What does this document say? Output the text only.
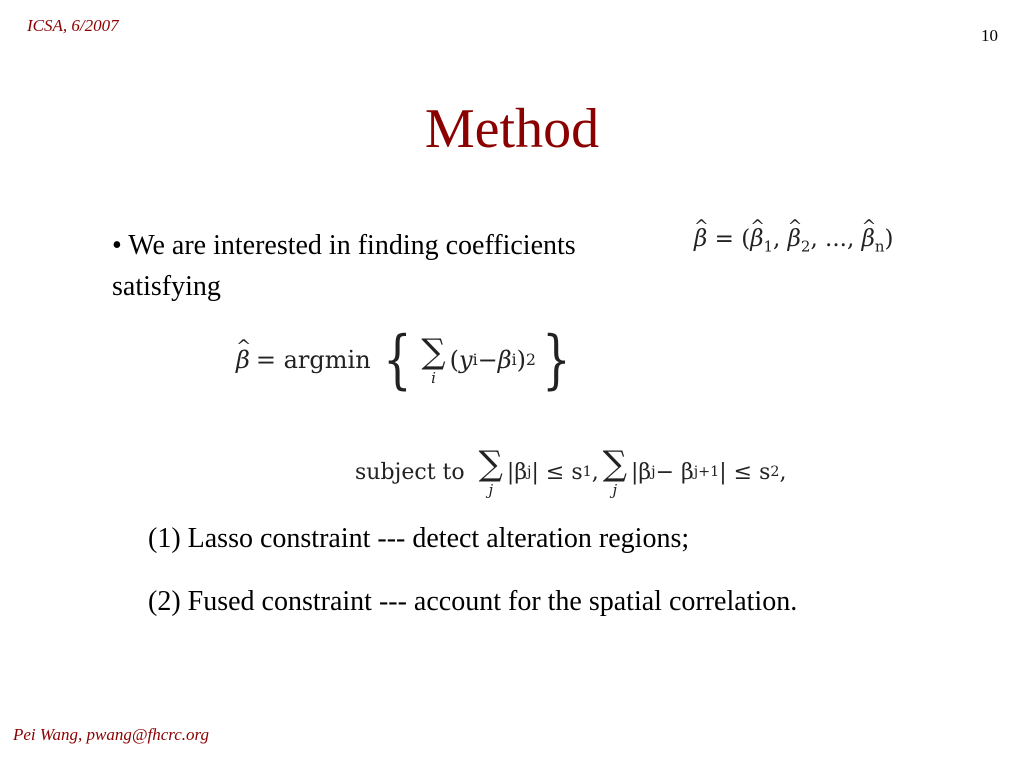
ICSA, 6/2007
10
Method
• We are interested in finding coefficients
satisfying
^ β = (^ $\beta_1$, ^ $\beta_2$, ..., ^ $\beta_n$)
^ β = argmin { ∑
i
( y i − β i ) 2 }
subject to ∑
j
|β j | ≤ s 1 , ∑
j
|β j − β j+1 | ≤ s 2 ,
(1) Lasso constraint --- detect alteration regions;
(2) Fused constraint --- account for the spatial correlation.
Pei Wang, pwang@fhcrc.org
